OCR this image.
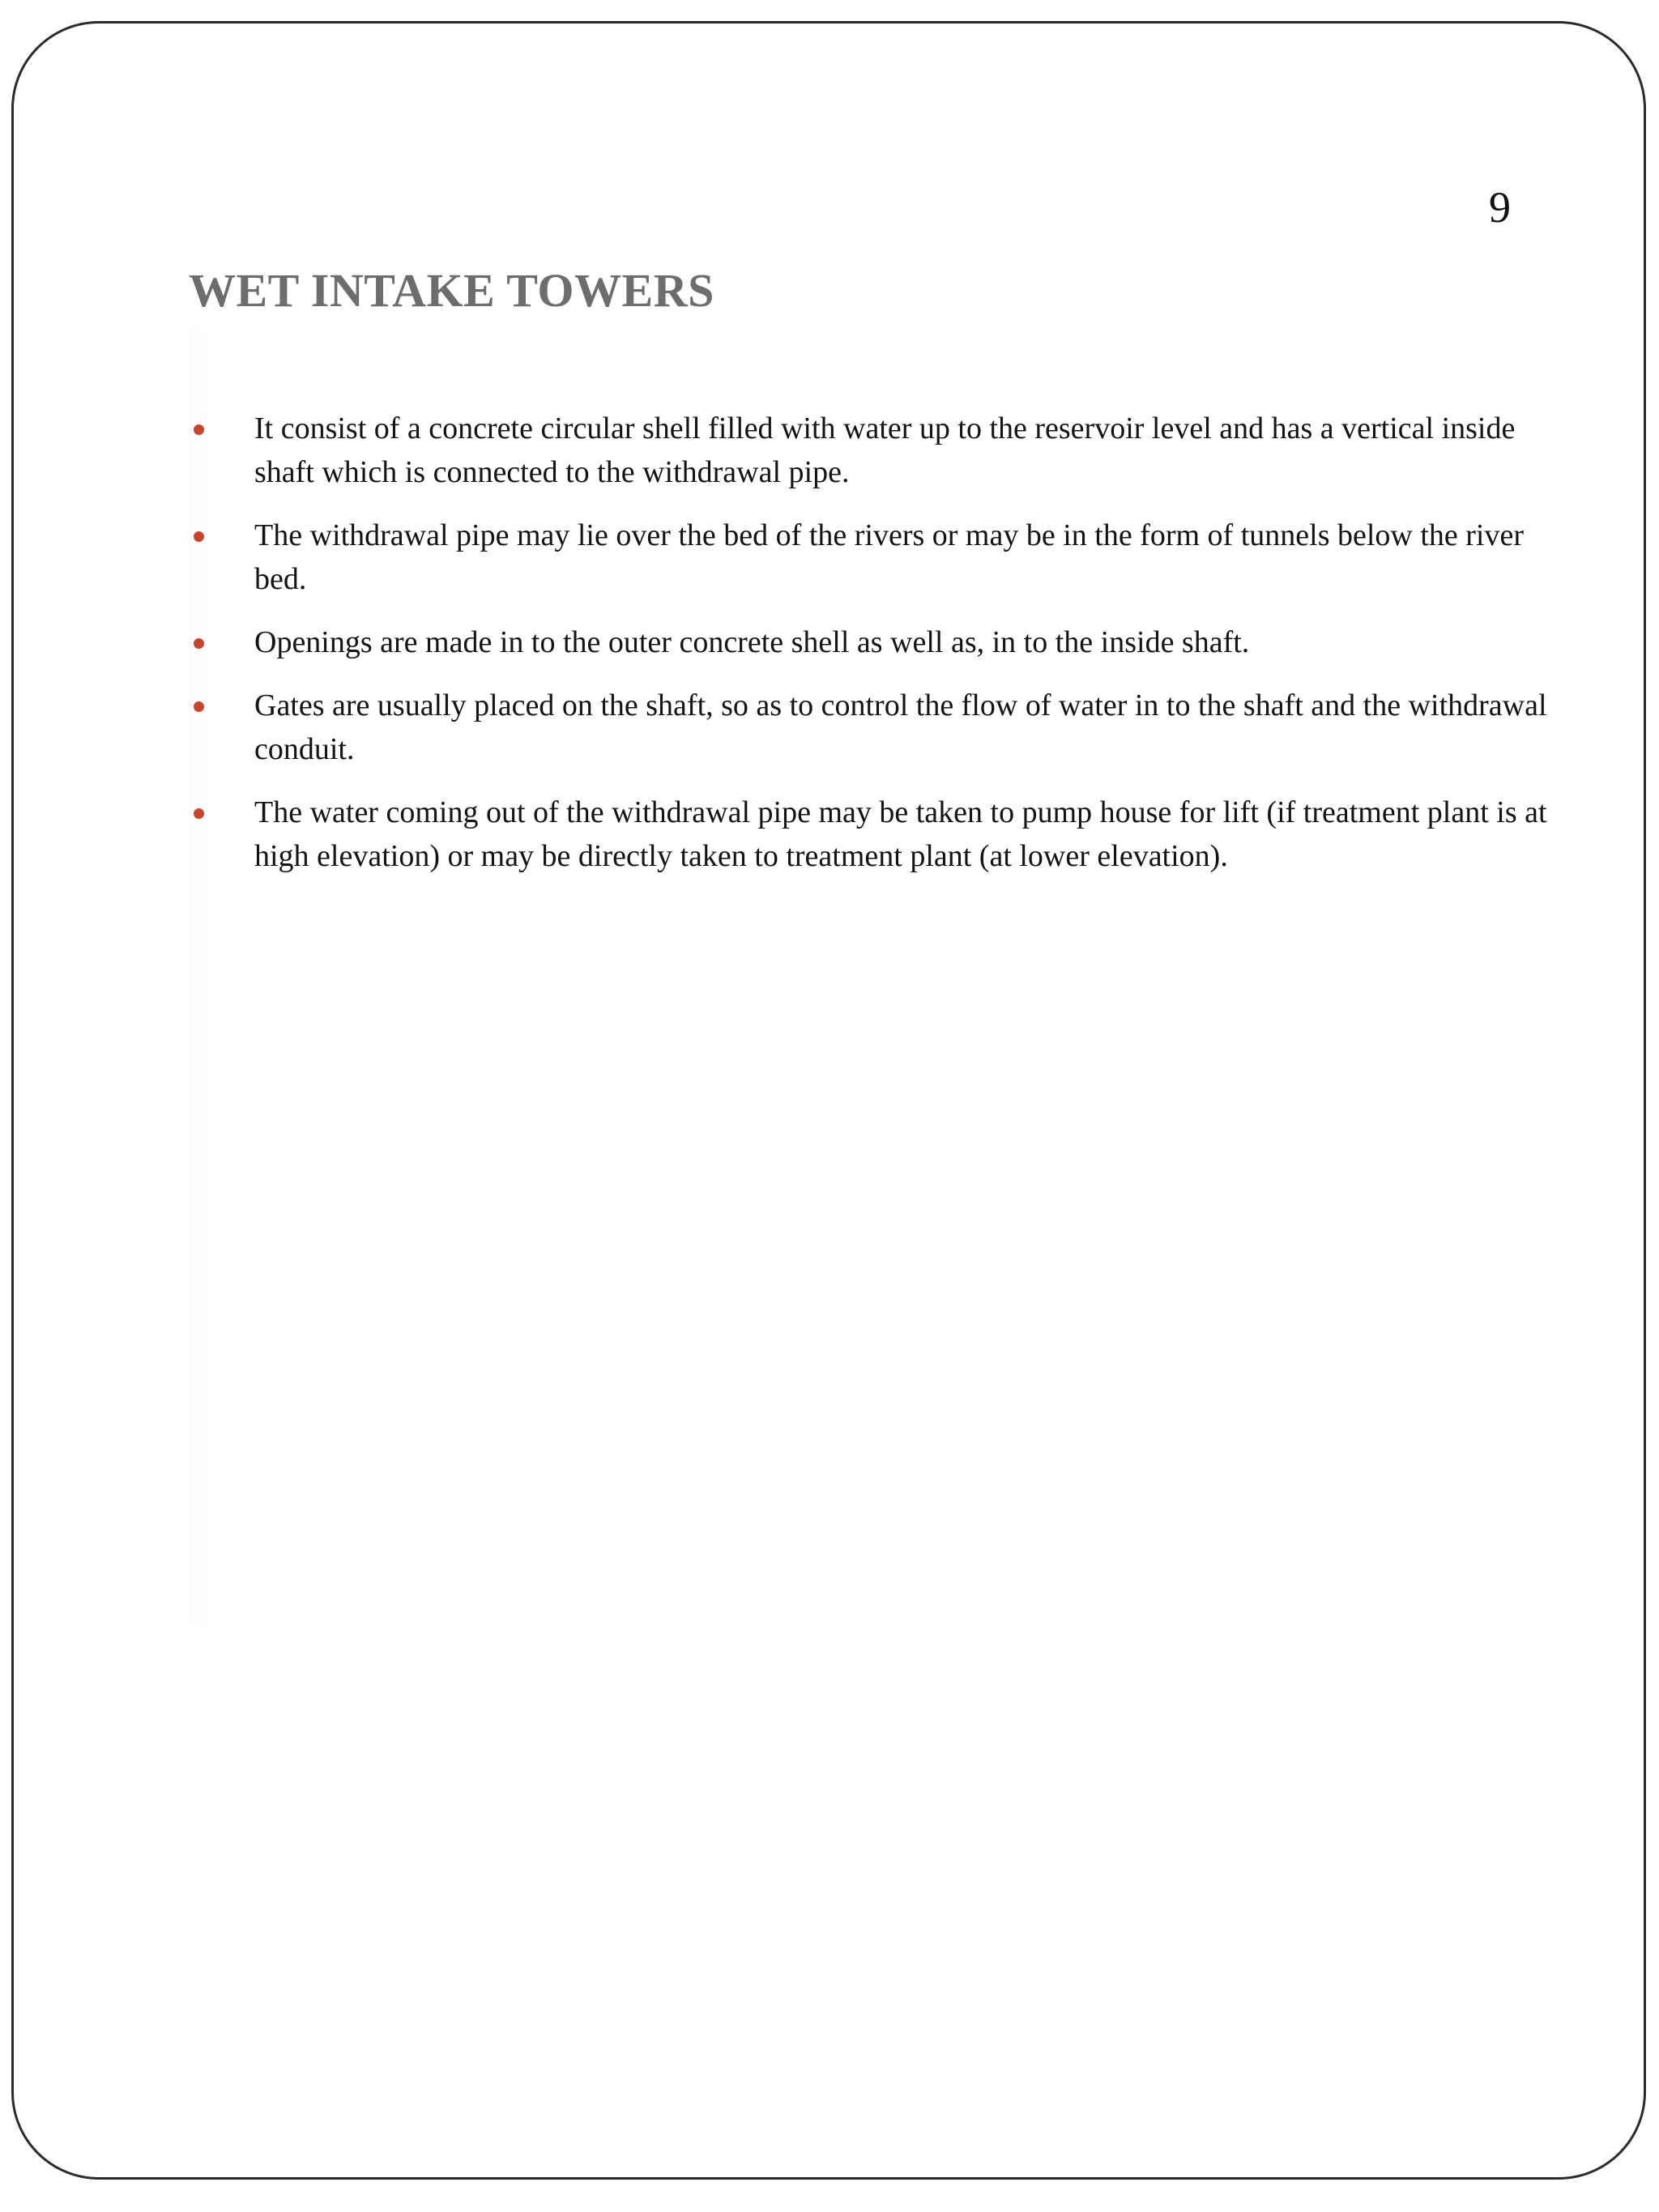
9
WET INTAKE TOWERS
It consist of a concrete circular shell filled with water up to the reservoir level and has a vertical inside shaft which is connected to the withdrawal pipe.
The withdrawal pipe may lie over the bed of the rivers or may be in the form of tunnels below the river bed.
Openings are made in to the outer concrete shell as well as, in to the inside shaft.
Gates are usually placed on the shaft, so as to control the flow of water in to the shaft and the withdrawal conduit.
The water coming out of the withdrawal pipe may be taken to pump house for lift (if treatment plant is at high elevation) or may be directly taken to treatment plant (at lower elevation).
